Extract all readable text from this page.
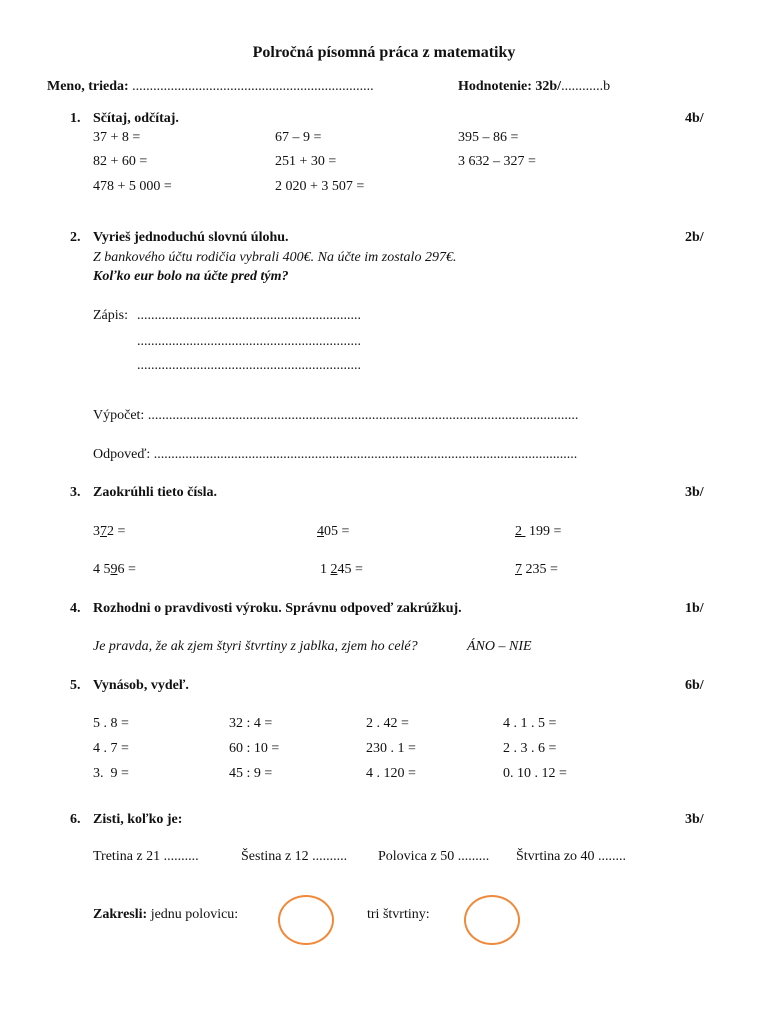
Polročná písomná práca z matematiky
Meno, trieda: .....................................................................	Hodnotenie: 32b/............b
1. Sčítaj, odčítaj.	4b/
37 + 8 =	67 – 9 =	395 – 86 =
82 + 60 =	251 + 30 =	3 632 – 327 =
478 + 5 000 =	2 020 + 3 507 =
2. Vyrieš jednoduchú slovnú úlohu.	2b/
Z bankového účtu rodičia vybrali 400€. Na účte im zostalo 297€.
Koľko eur bolo na účte pred tým?
Zápis: ................................................................
................................................................
................................................................
Výpočet: ...........................................................................................................................
Odpoveď: .........................................................................................................................
3. Zaokrúhli tieto čísla.	3b/
372 =	405 =	2  199 =
4 596 =	1 245 =	7 235 =
4. Rozhodni o pravdivosti výroku. Správnu odpoveď zakrúžkuj.	1b/
Je pravda, že ak zjem štyri štvrtiny z jablka, zjem ho celé?	ÁNO – NIE
5. Vynásob, vydeľ.	6b/
5 . 8 =	32 : 4 =	2 . 42 =	4 . 1 . 5 =
4 . 7 =	60 : 10 =	230 . 1 =	2 . 3 . 6 =
3.  9 =	45 : 9 =	4 . 120 =	0. 10 . 12 =
6. Zisti, koľko je:	3b/
Tretina z 21 ..........	Šestina z 12 .......... Polovica z 50 ......... Štvrtina zo 40 ........
Zakresli: jednu polovicu:	tri štvrtiny:
